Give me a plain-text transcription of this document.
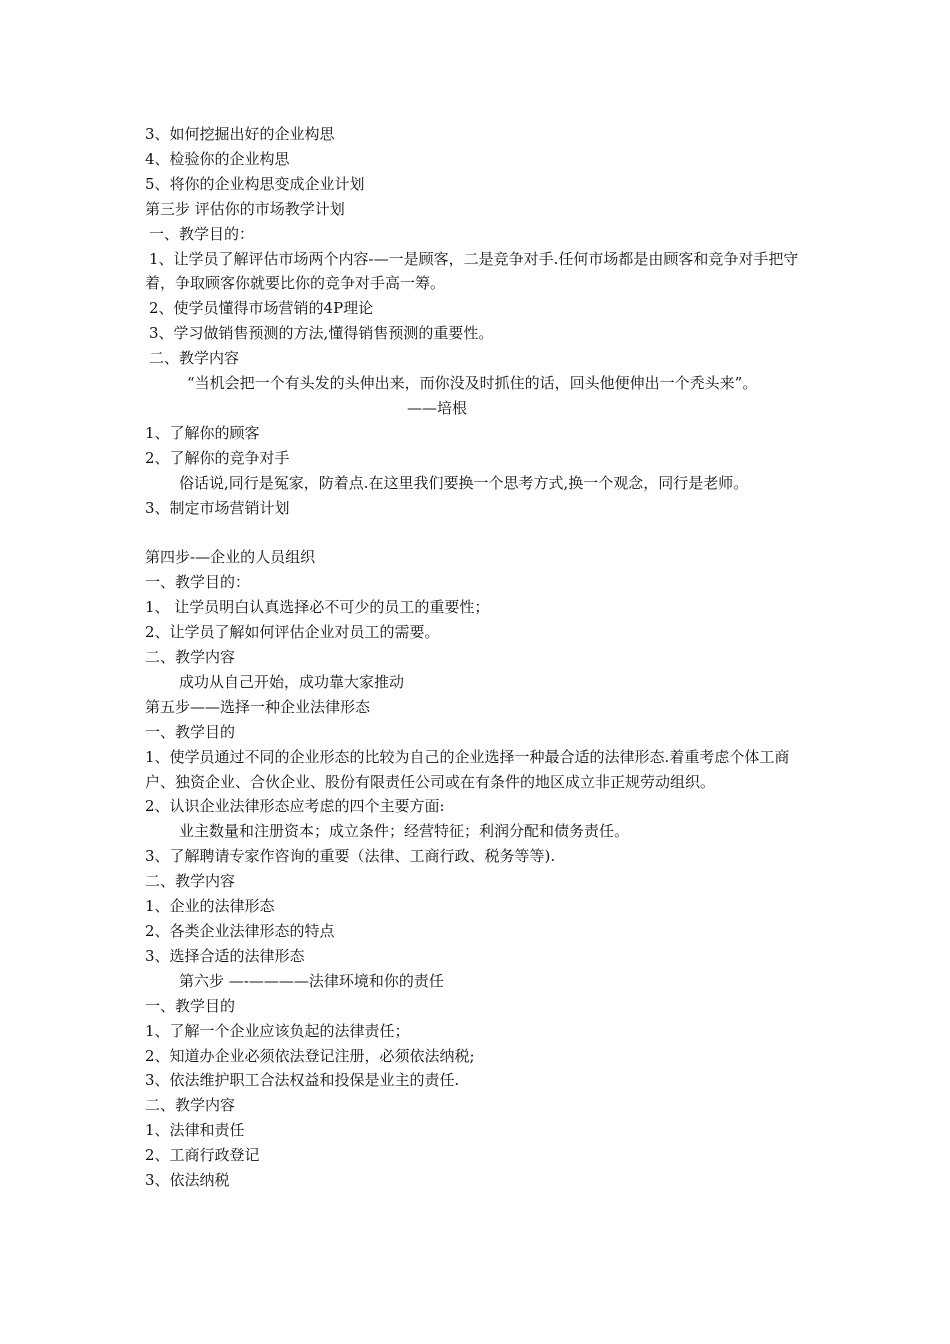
3、如何挖掘出好的企业构思
4、检验你的企业构思
5、将你的企业构思变成企业计划
第三步 评估你的市场教学计划
一、教学目的：
1、让学员了解评估市场两个内容-—一是顾客，二是竞争对手.任何市场都是由顾客和竞争对手把守着，争取顾客你就要比你的竞争对手高一筹。
2、使学员懂得市场营销的4P理论
3、学习做销售预测的方法,懂得销售预测的重要性。
二、教学内容
“当机会把一个有头发的头伸出来，而你没及时抓住的话，回头他便伸出一个秃头来”。——培根
1、了解你的顾客
2、了解你的竞争对手
俗话说,同行是冤家，防着点.在这里我们要换一个思考方式,换一个观念，同行是老师。
3、制定市场营销计划
第四步-—企业的人员组织
一、教学目的：
1、 让学员明白认真选择必不可少的员工的重要性；
2、让学员了解如何评估企业对员工的需要。
二、教学内容
成功从自己开始，成功靠大家推动
第五步——选择一种企业法律形态
一、教学目的
1、使学员通过不同的企业形态的比较为自己的企业选择一种最合适的法律形态.着重考虑个体工商户、独资企业、合伙企业、股份有限责任公司或在有条件的地区成立非正规劳动组织。
2、认识企业法律形态应考虑的四个主要方面:
业主数量和注册资本；成立条件；经营特征；利润分配和债务责任。
3、了解聘请专家作咨询的重要（法律、工商行政、税务等等).
二、教学内容
1、企业的法律形态
2、各类企业法律形态的特点
3、选择合适的法律形态
第六步 —-————法律环境和你的责任
一、教学目的
1、了解一个企业应该负起的法律责任；
2、知道办企业必须依法登记注册，必须依法纳税;
3、依法维护职工合法权益和投保是业主的责任.
二、教学内容
1、法律和责任
2、工商行政登记
3、依法纳税
